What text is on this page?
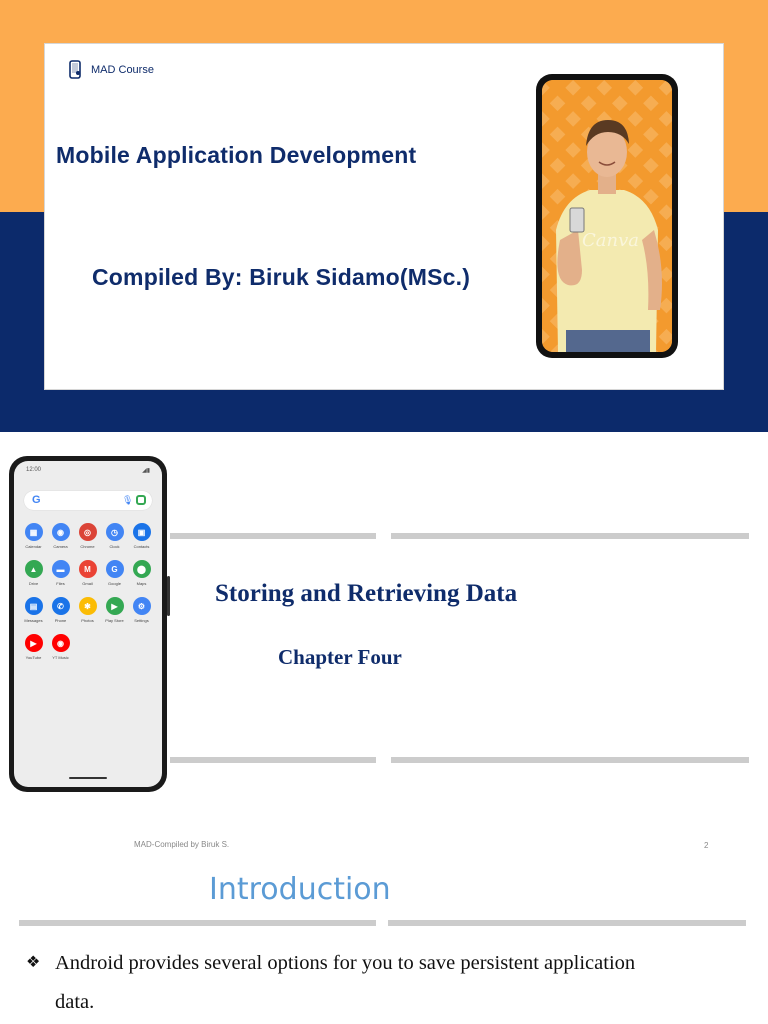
MAD Course
Mobile Application Development
Compiled By: Biruk Sidamo(MSc.)
Canva
12:00	◢▮
G	🎙︎
▦
Calendar
◉
Camera
◎
Chrome
◷
Clock
▣
Contacts
▲
Drive
▬
Files
M
Gmail
G
Google
⬤
Maps
▤
Messages
✆
Phone
✱
Photos
▶
Play Store
⚙
Settings
▶
YouTube
◉
YT Music
Storing and Retrieving Data
Chapter Four
MAD-Compiled by Biruk S.	2
Introduction
❖ Android provides several options for you to save persistent application
data.
